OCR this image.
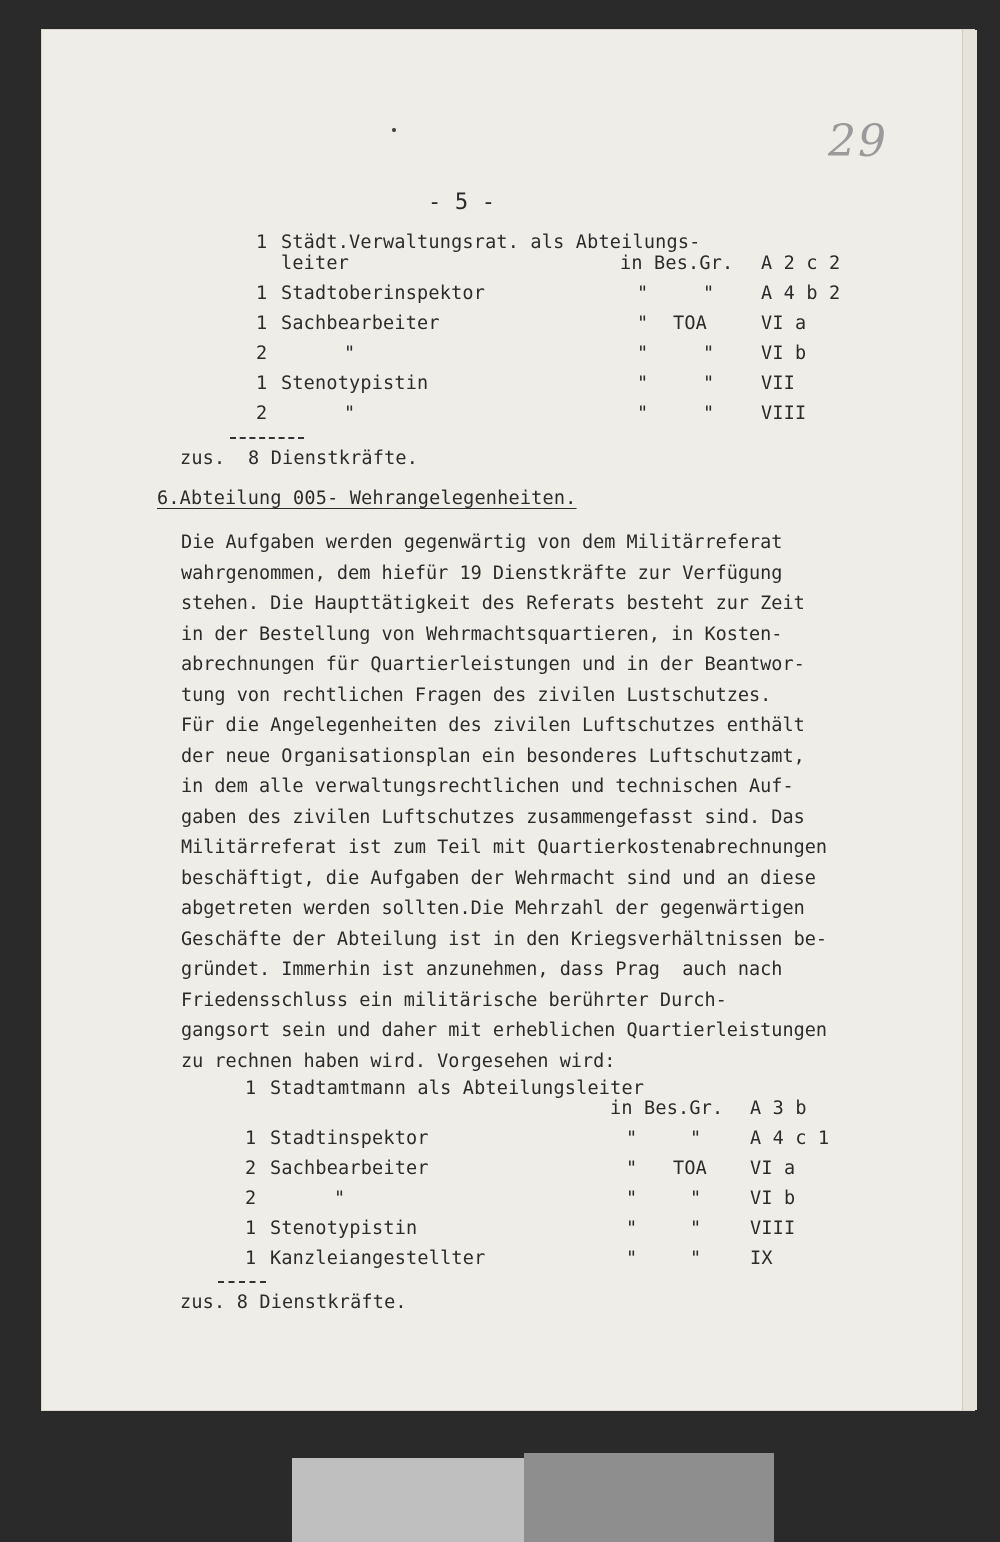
29
- 5 -
1 Städt.Verwaltungsrat. als Abteilungs-
leiter	in Bes.Gr. A 2 c 2
1 Stadtoberinspektor	"	"	A 4 b 2
1 Sachbearbeiter	" TOA	VI a
2	"	"	"	VI b
1 Stenotypistin	"	"	VII
2	"	"	"	VIII
zus.  8 Dienstkräfte.
6.Abteilung 005- Wehrangelegenheiten.
Die Aufgaben werden gegenwärtig von dem Militärreferat
wahrgenommen, dem hiefür 19 Dienstkräfte zur Verfügung
stehen. Die Haupttätigkeit des Referats besteht zur Zeit
in der Bestellung von Wehrmachtsquartieren, in Kosten-
abrechnungen für Quartierleistungen und in der Beantwor-
tung von rechtlichen Fragen des zivilen Lustschutzes.
Für die Angelegenheiten des zivilen Luftschutzes enthält
der neue Organisationsplan ein besonderes Luftschutzamt,
in dem alle verwaltungsrechtlichen und technischen Auf-
gaben des zivilen Luftschutzes zusammengefasst sind. Das
Militärreferat ist zum Teil mit Quartierkostenabrechnungen
beschäftigt, die Aufgaben der Wehrmacht sind und an diese
abgetreten werden sollten.Die Mehrzahl der gegenwärtigen
Geschäfte der Abteilung ist in den Kriegsverhältnissen be-
gründet. Immerhin ist anzunehmen, dass Prag  auch nach
Friedensschluss ein militärische berührter Durch-
gangsort sein und daher mit erheblichen Quartierleistungen
zu rechnen haben wird. Vorgesehen wird:
1 Stadtamtmann als Abteilungsleiter
in Bes.Gr. A 3 b
1 Stadtinspektor	"	"	A 4 c 1
2 Sachbearbeiter	" TOA VI a
2	"	"	"	VI b
1 Stenotypistin	"	"	VIII
1 Kanzleiangestellter	"	"	IX
zus. 8 Dienstkräfte.
